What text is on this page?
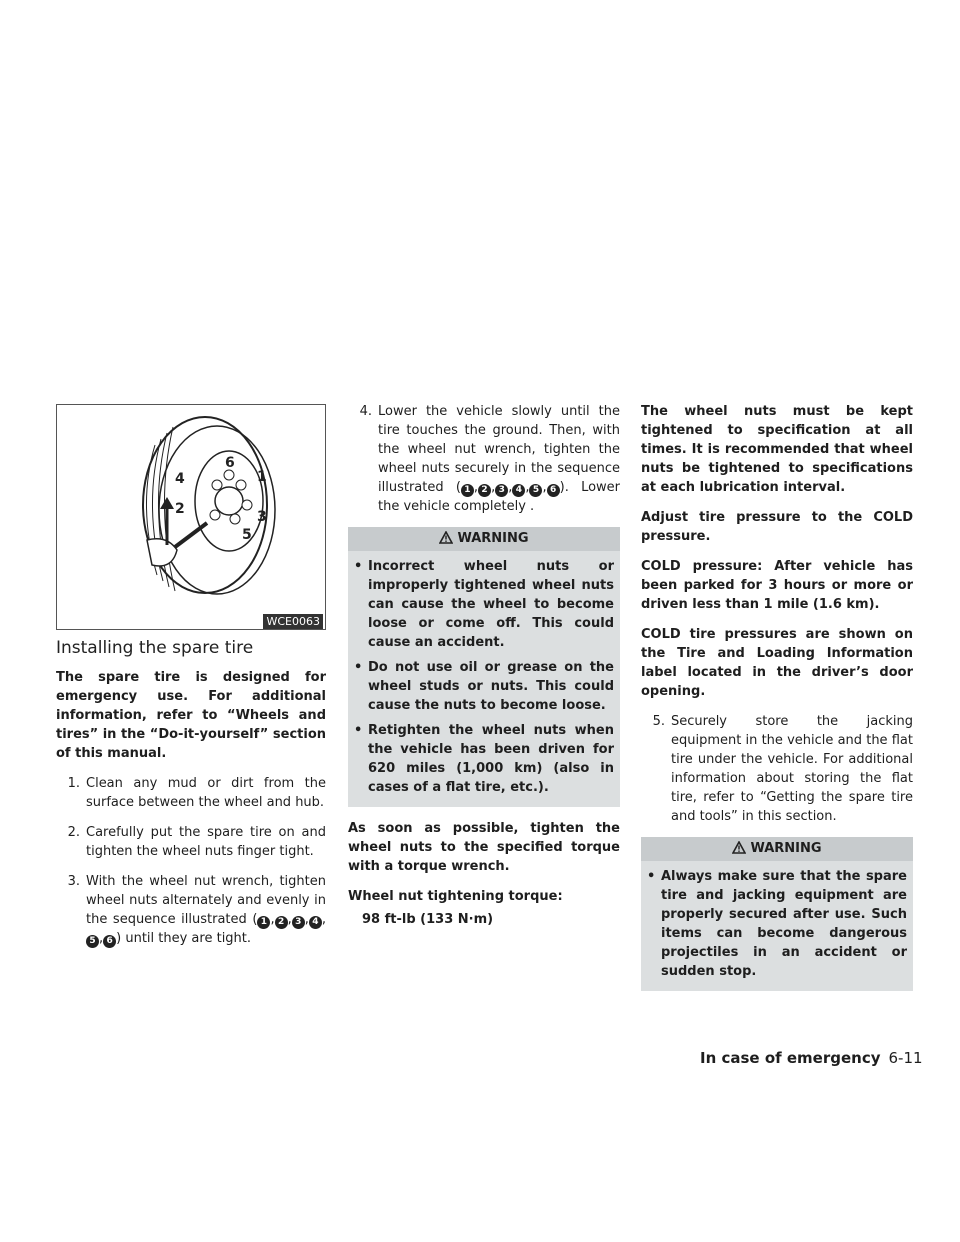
1
2	3
4
5
6
WCE0063
Installing the spare tire

The spare tire is designed for emergency use. For additional information, refer to “Wheels and tires” in the “Do-it-yourself” section of this manual.

1. Clean any mud or dirt from the surface between the wheel and hub.
2. Carefully put the spare tire on and tighten the wheel nuts finger tight.
3. With the wheel nut wrench, tighten wheel nuts alternately and evenly in the sequence illustrated ( 1 , 2 , 3 , 4 ,5 , 6 ) until they are tight.
4. Lower the vehicle slowly until the tire touches the ground. Then, with the wheel nut wrench, tighten the wheel nuts securely in the sequence illustrated ( 1 , 2 , 3 , 4 , 5 , 6 ). Lower the vehicle completely .
WARNING
• Incorrect wheel nuts or improperly tightened wheel nuts can cause the wheel to become loose or come off. This could cause an accident.
• Do not use oil or grease on the wheel studs or nuts. This could cause the nuts to become loose.
• Retighten the wheel nuts when the vehicle has been driven for 620 miles (1,000 km) (also in cases of a flat tire, etc.).

As soon as possible, tighten the wheel nuts to the specified torque with a torque wrench.

Wheel nut tightening torque:

98 ft-lb (133 N·m)

The wheel nuts must be kept tightened to specification at all times. It is recommended that wheel nuts be tightened to specifications at each lubrication interval.

Adjust tire pressure to the COLD pressure.

COLD pressure: After vehicle has been parked for 3 hours or more or driven less than 1 mile (1.6 km).

COLD tire pressures are shown on the Tire and Loading Information label located in the driver’s door opening.

5. Securely store the jacking equipment in the vehicle and the flat tire under the vehicle. For additional information about storing the flat tire, refer to “Getting the spare tire and tools” in this section.
WARNING
• Always make sure that the spare tire and jacking equipment are properly secured after use. Such items can become dangerous projectiles in an accident or sudden stop.
In case of emergency 6-11
